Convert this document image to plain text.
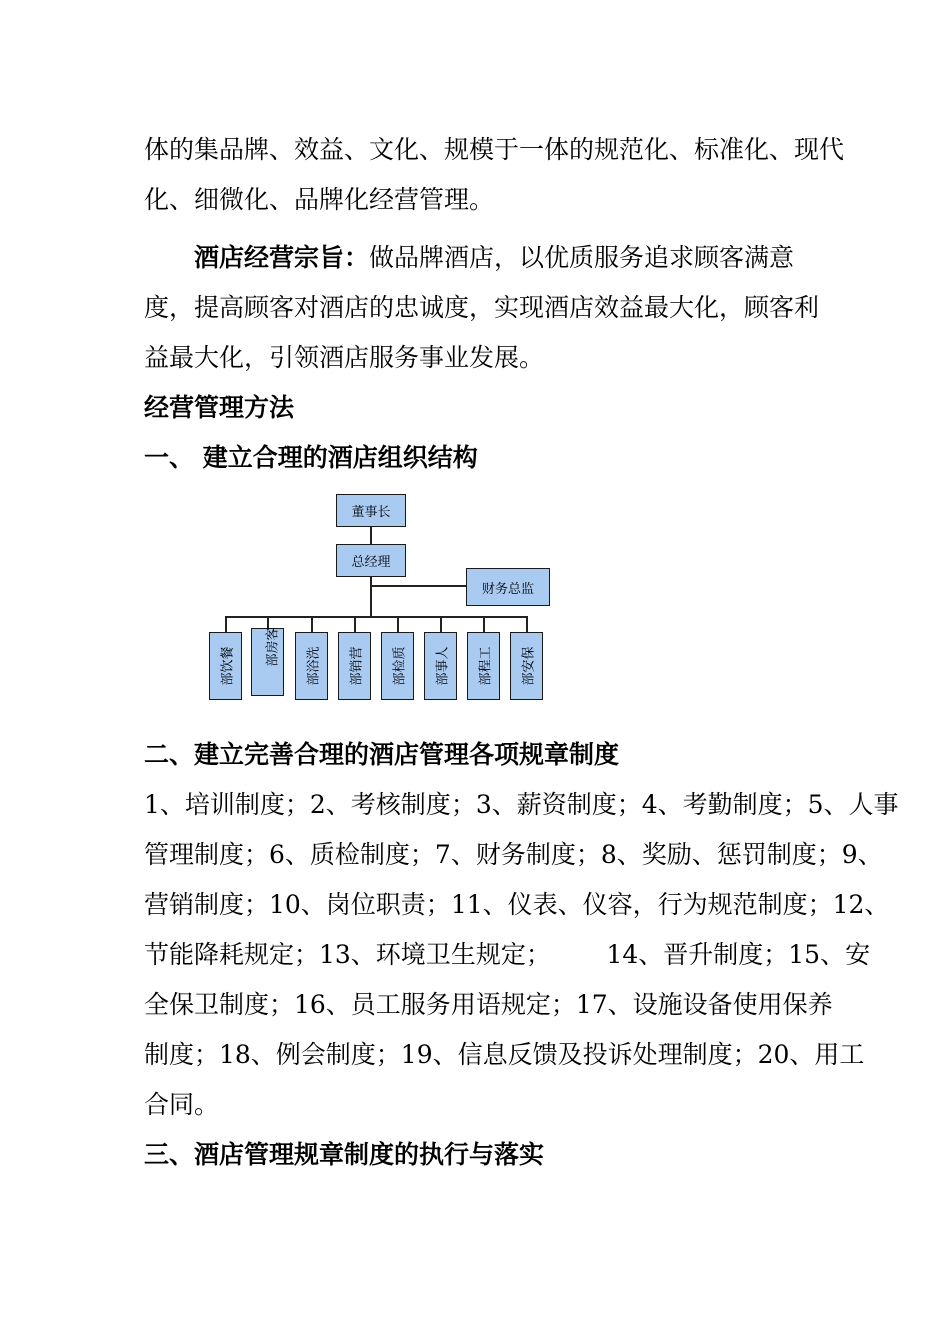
体的集品牌、效益、文化、规模于一体的规范化、标准化、现代
化、细微化、品牌化经营管理。
酒店经营宗旨：做品牌酒店，以优质服务追求顾客满意
度，提高顾客对酒店的忠诚度，实现酒店效益最大化，顾客利
益最大化，引领酒店服务事业发展。
经营管理方法
一、 建立合理的酒店组织结构
董事长
总经理
财务总监
部饮餐	部房客	部浴洗	部销营	部检质	部事人	部程工	部安保
二、建立完善合理的酒店管理各项规章制度
1、培训制度；2、考核制度；3、薪资制度；4、考勤制度；5、人事
管理制度；6、质检制度；7、财务制度；8、奖励、惩罚制度；9、
营销制度；10、岗位职责；11、仪表、仪容，行为规范制度；12、
节能降耗规定；13、环境卫生规定；       14、晋升制度；15、安
全保卫制度；16、员工服务用语规定；17、设施设备使用保养
制度；18、例会制度；19、信息反馈及投诉处理制度；20、用工
合同。
三、酒店管理规章制度的执行与落实
